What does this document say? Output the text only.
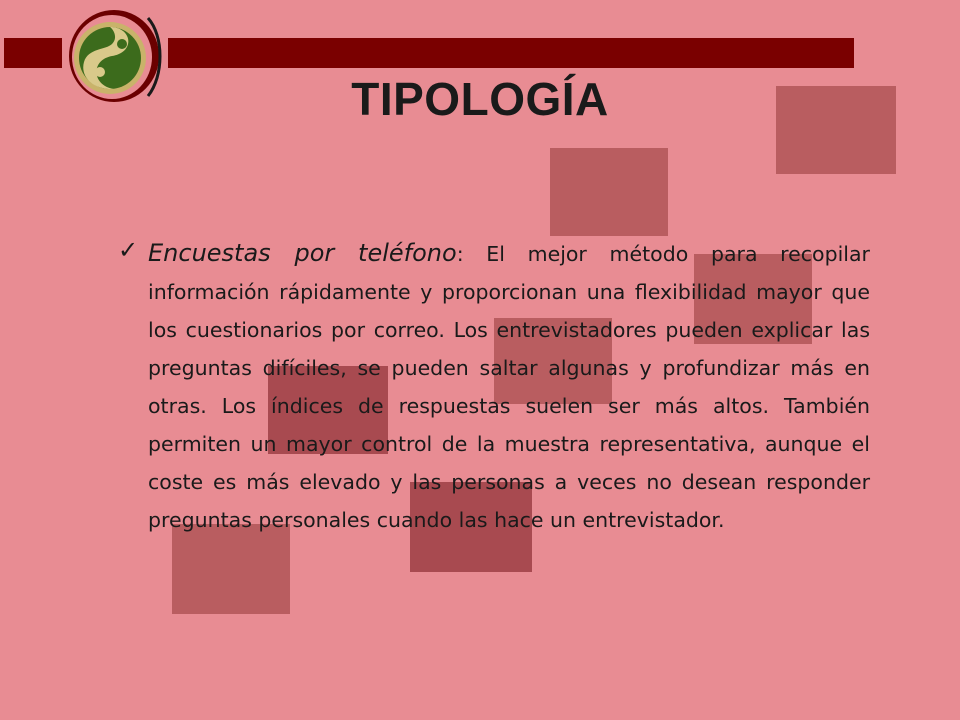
TIPOLOGÍA
✓ Encuestas por teléfono: El mejor método para recopilar información rápidamente y proporcionan una flexibilidad mayor que los cuestionarios por correo. Los entrevistadores pueden explicar las preguntas difíciles, se pueden saltar algunas y profundizar más en otras. Los índices de respuestas suelen ser más altos. También permiten un mayor control de la muestra representativa, aunque el coste es más elevado y las personas a veces no desean responder preguntas personales cuando las hace un entrevistador.
